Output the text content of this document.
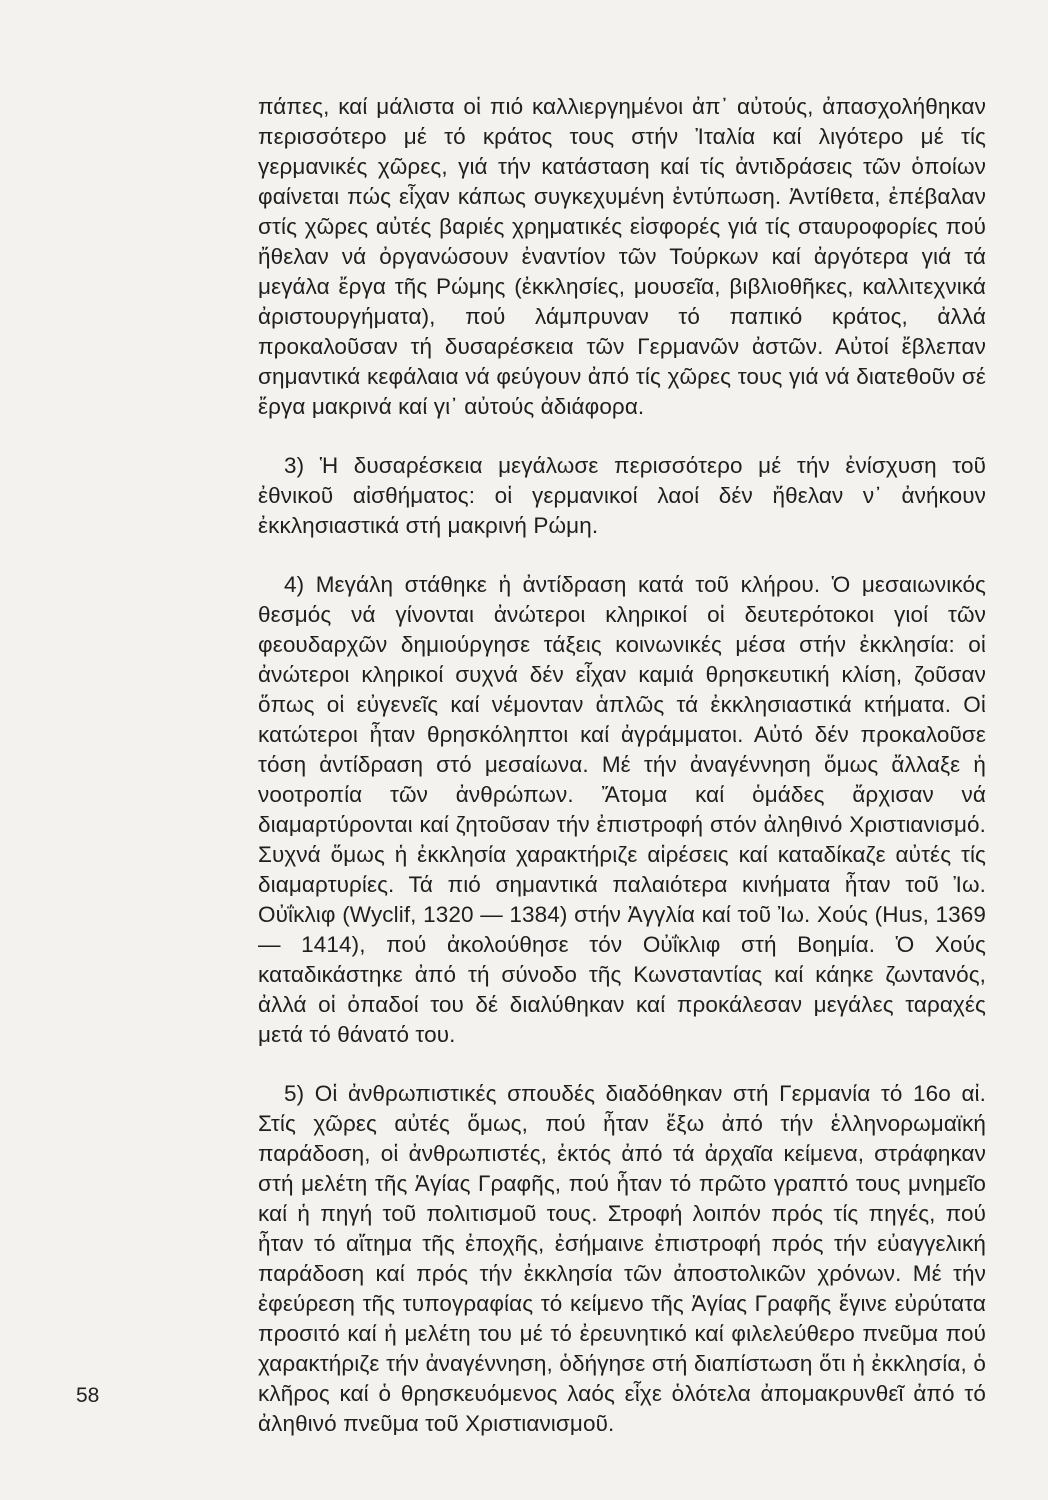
πάπες, καί μάλιστα οἱ πιό καλλιεργημένοι ἀπ᾽ αὐτούς, ἀπασχολήθηκαν περισσότερο μέ τό κράτος τους στήν Ἰταλία καί λιγότερο μέ τίς γερμανικές χῶρες, γιά τήν κατάσταση καί τίς ἀντιδράσεις τῶν ὁποίων φαίνεται πώς εἶχαν κάπως συγκεχυμένη ἐντύπωση. Ἀντίθετα, ἐπέβαλαν στίς χῶρες αὐτές βαριές χρηματικές εἰσφορές γιά τίς σταυροφορίες πού ἤθελαν νά ὀργανώσουν ἐναντίον τῶν Τούρκων καί ἀργότερα γιά τά μεγάλα ἔργα τῆς Ρώμης (ἐκκλησίες, μουσεῖα, βιβλιοθῆκες, καλλιτεχνικά ἀριστουργήματα), πού λάμπρυναν τό παπικό κράτος, ἀλλά προκαλοῦσαν τή δυσαρέσκεια τῶν Γερμανῶν ἀστῶν. Αὐτοί ἔβλεπαν σημαντικά κεφάλαια νά φεύγουν ἀπό τίς χῶρες τους γιά νά διατεθοῦν σέ ἔργα μακρινά καί γι᾽ αὐτούς ἀδιάφορα.

3) Ἡ δυσαρέσκεια μεγάλωσε περισσότερο μέ τήν ἐνίσχυση τοῦ ἐθνικοῦ αἰσθήματος: οἱ γερμανικοί λαοί δέν ἤθελαν ν᾽ ἀνήκουν ἐκκλησιαστικά στή μακρινή Ρώμη.

4) Μεγάλη στάθηκε ἡ ἀντίδραση κατά τοῦ κλήρου. Ὁ μεσαιωνικός θεσμός νά γίνονται ἀνώτεροι κληρικοί οἱ δευτερότοκοι γιοί τῶν φεουδαρχῶν δημιούργησε τάξεις κοινωνικές μέσα στήν ἐκκλησία: οἱ ἀνώτεροι κληρικοί συχνά δέν εἶχαν καμιά θρησκευτική κλίση, ζοῦσαν ὅπως οἱ εὐγενεῖς καί νέμονταν ἁπλῶς τά ἐκκλησιαστικά κτήματα. Οἱ κατώτεροι ἦταν θρησκόληπτοι καί ἀγράμματοι. Αὐτό δέν προκαλοῦσε τόση ἀντίδραση στό μεσαίωνα. Μέ τήν ἀναγέννηση ὅμως ἄλλαξε ἡ νοοτροπία τῶν ἀνθρώπων. Ἄτομα καί ὁμάδες ἄρχισαν νά διαμαρτύρονται καί ζητοῦσαν τήν ἐπιστροφή στόν ἀληθινό Χριστιανισμό. Συχνά ὅμως ἡ ἐκκλησία χαρακτήριζε αἱρέσεις καί καταδίκαζε αὐτές τίς διαμαρτυρίες. Τά πιό σημαντικά παλαιότερα κινήματα ἦταν τοῦ Ἰω. Οὐΐκλιφ (Wyclif, 1320 — 1384) στήν Ἀγγλία καί τοῦ Ἰω. Χούς (Hus, 1369 — 1414), πού ἀκολούθησε τόν Οὐΐκλιφ στή Βοημία. Ὁ Χούς καταδικάστηκε ἀπό τή σύνοδο τῆς Κωνσταντίας καί κάηκε ζωντανός, ἀλλά οἱ ὀπαδοί του δέ διαλύθηκαν καί προκάλεσαν μεγάλες ταραχές μετά τό θάνατό του.

5) Οἱ ἀνθρωπιστικές σπουδές διαδόθηκαν στή Γερμανία τό 16ο αἰ. Στίς χῶρες αὐτές ὅμως, πού ἦταν ἔξω ἀπό τήν ἑλληνορωμαϊκή παράδοση, οἱ ἀνθρωπιστές, ἐκτός ἀπό τά ἀρχαῖα κείμενα, στράφηκαν στή μελέτη τῆς Ἁγίας Γραφῆς, πού ἦταν τό πρῶτο γραπτό τους μνημεῖο καί ἡ πηγή τοῦ πολιτισμοῦ τους. Στροφή λοιπόν πρός τίς πηγές, πού ἦταν τό αἴτημα τῆς ἐποχῆς, ἐσήμαινε ἐπιστροφή πρός τήν εὐαγγελική παράδοση καί πρός τήν ἐκκλησία τῶν ἀποστολικῶν χρόνων. Μέ τήν ἐφεύρεση τῆς τυπογραφίας τό κείμενο τῆς Ἁγίας Γραφῆς ἔγινε εὐρύτατα προσιτό καί ἡ μελέτη του μέ τό ἐρευνητικό καί φιλελεύθερο πνεῦμα πού χαρακτήριζε τήν ἀναγέννηση, ὁδήγησε στή διαπίστωση ὅτι ἡ ἐκκλησία, ὁ κλῆρος καί ὁ θρησκευόμενος λαός εἶχε ὁλότελα ἀπομακρυνθεῖ ἀπό τό ἀληθινό πνεῦμα τοῦ Χριστιανισμοῦ.

58
